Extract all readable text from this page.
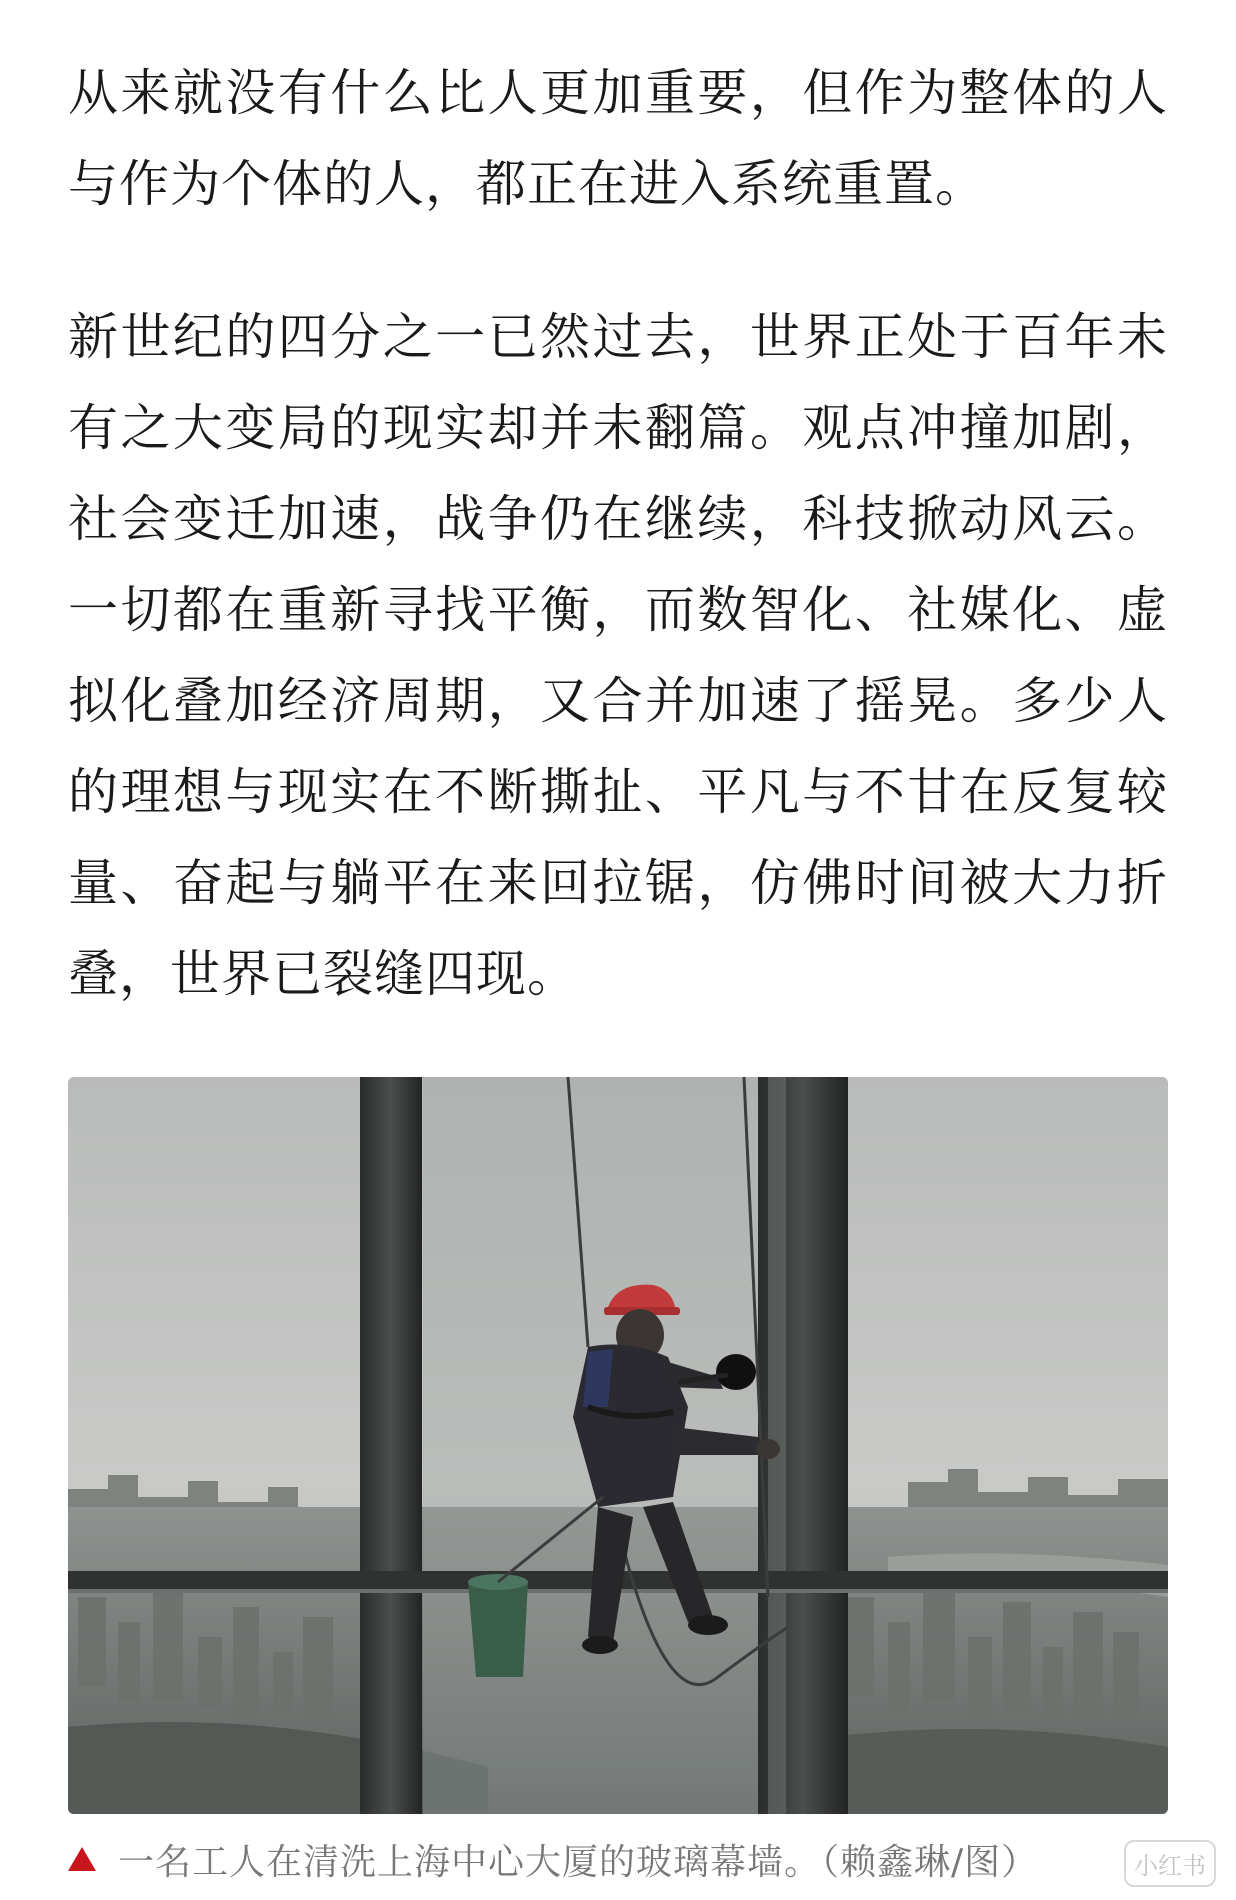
从来就没有什么比人更加重要，但作为整体的人与作为个体的人，都正在进入系统重置。

新世纪的四分之一已然过去，世界正处于百年未有之大变局的现实却并未翻篇。观点冲撞加剧，社会变迁加速，战争仍在继续，科技掀动风云。一切都在重新寻找平衡，而数智化、社媒化、虚拟化叠加经济周期，又合并加速了摇晃。多少人的理想与现实在不断撕扯、平凡与不甘在反复较量、奋起与躺平在来回拉锯，仿佛时间被大力折叠，世界已裂缝四现。

一名工人在清洗上海中心大厦的玻璃幕墙。（赖鑫琳/图）	小红书
